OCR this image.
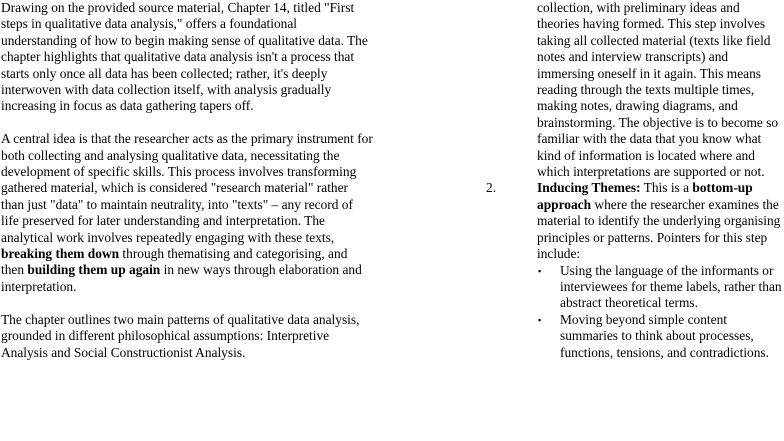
Drawing on the provided source material, Chapter 14, titled "First steps in qualitative data analysis," offers a foundational understanding of how to begin making sense of qualitative data. The chapter highlights that qualitative data analysis isn't a process that starts only once all data has been collected; rather, it's deeply interwoven with data collection itself, with analysis gradually increasing in focus as data gathering tapers off.

A central idea is that the researcher acts as the primary instrument for both collecting and analysing qualitative data, necessitating the development of specific skills. This process involves transforming gathered material, which is considered "research material" rather than just "data" to maintain neutrality, into "texts" – any record of life preserved for later understanding and interpretation. The analytical work involves repeatedly engaging with these texts, breaking them down through thematising and categorising, and then building them up again in new ways through elaboration and interpretation.

The chapter outlines two main patterns of qualitative data analysis, grounded in different philosophical assumptions: Interpretive Analysis and Social Constructionist Analysis.

collection, with preliminary ideas and theories having formed. This step involves taking all collected material (texts like field notes and interview transcripts) and immersing oneself in it again. This means reading through the texts multiple times, making notes, drawing diagrams, and brainstorming. The objective is to become so familiar with the data that you know what kind of information is located where and which interpretations are supported or not.

2.	Inducing Themes: This is a bottom-up approach where the researcher examines the material to identify the underlying organising principles or patterns. Pointers for this step include:

▪ Using the language of the informants or interviewees for theme labels, rather than abstract theoretical terms.
▪ Moving beyond simple content summaries to think about processes, functions, tensions, and contradictions.
